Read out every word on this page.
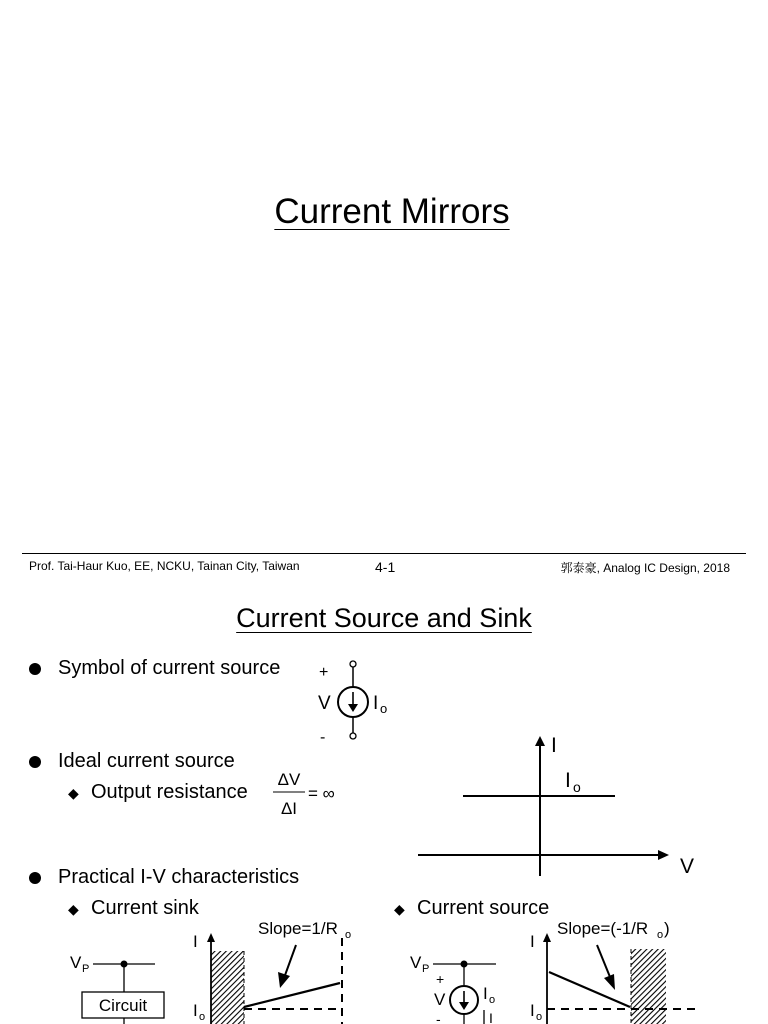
Current Mirrors
Prof. Tai-Haur Kuo, EE, NCKU, Tainan City, Taiwan	4-1	郭泰豪, Analog IC Design, 2018
Current Source and Sink
Symbol of current source
Ideal current source
◆ Output resistance
Practical I-V characteristics
◆ Current sink	◆ Current source
ΔV
ΔI
= ∞
+
V
-
I o
I
V
I o
V P
Circuit
I
I o
Slope=1/R o
V P
+
V
-
I o
I
I
I o
Slope=(-1/R o )
